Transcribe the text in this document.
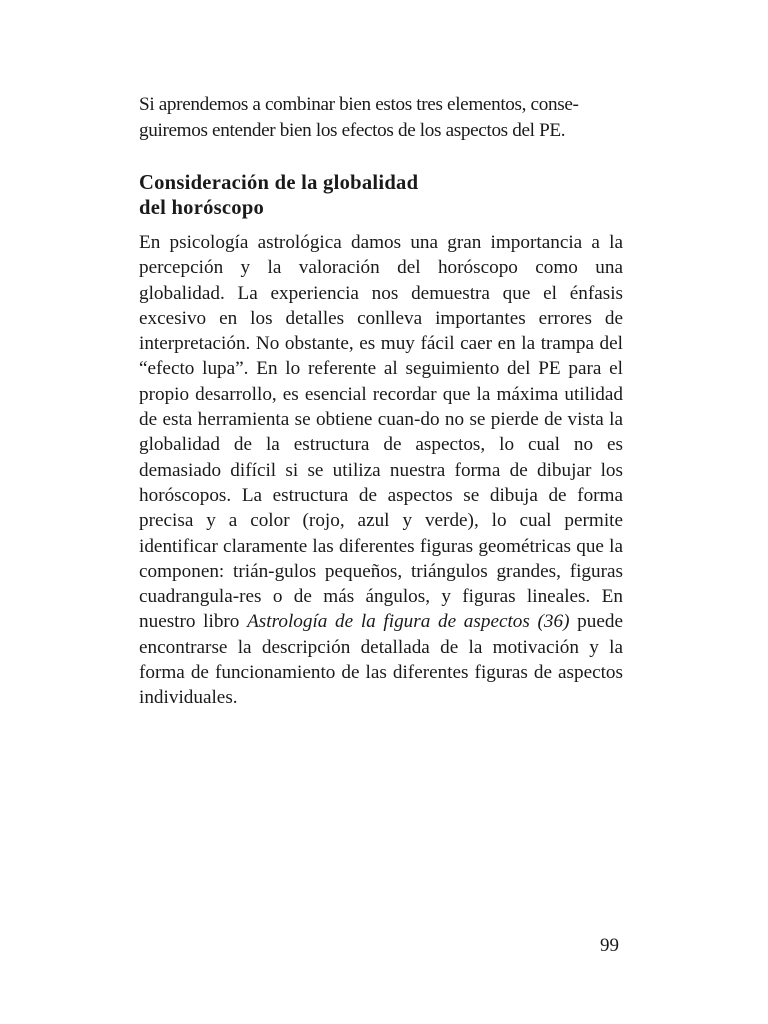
Si aprendemos a combinar bien estos tres elementos, conse-guiremos entender bien los efectos de los aspectos del PE.

Consideración de la globalidad
del horóscopo

En psicología astrológica damos una gran importancia a la percepción y la valoración del horóscopo como una globalidad. La experiencia nos demuestra que el énfasis excesivo en los detalles conlleva importantes errores de interpretación. No obstante, es muy fácil caer en la trampa del “efecto lupa”. En lo referente al seguimiento del PE para el propio desarrollo, es esencial recordar que la máxima utilidad de esta herramienta se obtiene cuan-do no se pierde de vista la globalidad de la estructura de aspectos, lo cual no es demasiado difícil si se utiliza nuestra forma de dibujar los horóscopos. La estructura de aspectos se dibuja de forma precisa y a color (rojo, azul y verde), lo cual permite identificar claramente las diferentes figuras geométricas que la componen: trián-gulos pequeños, triángulos grandes, figuras cuadrangula-res o de más ángulos, y figuras lineales. En nuestro libro Astrología de la figura de aspectos (36) puede encontrarse la descripción detallada de la motivación y la forma de funcionamiento de las diferentes figuras de aspectos individuales.

99
